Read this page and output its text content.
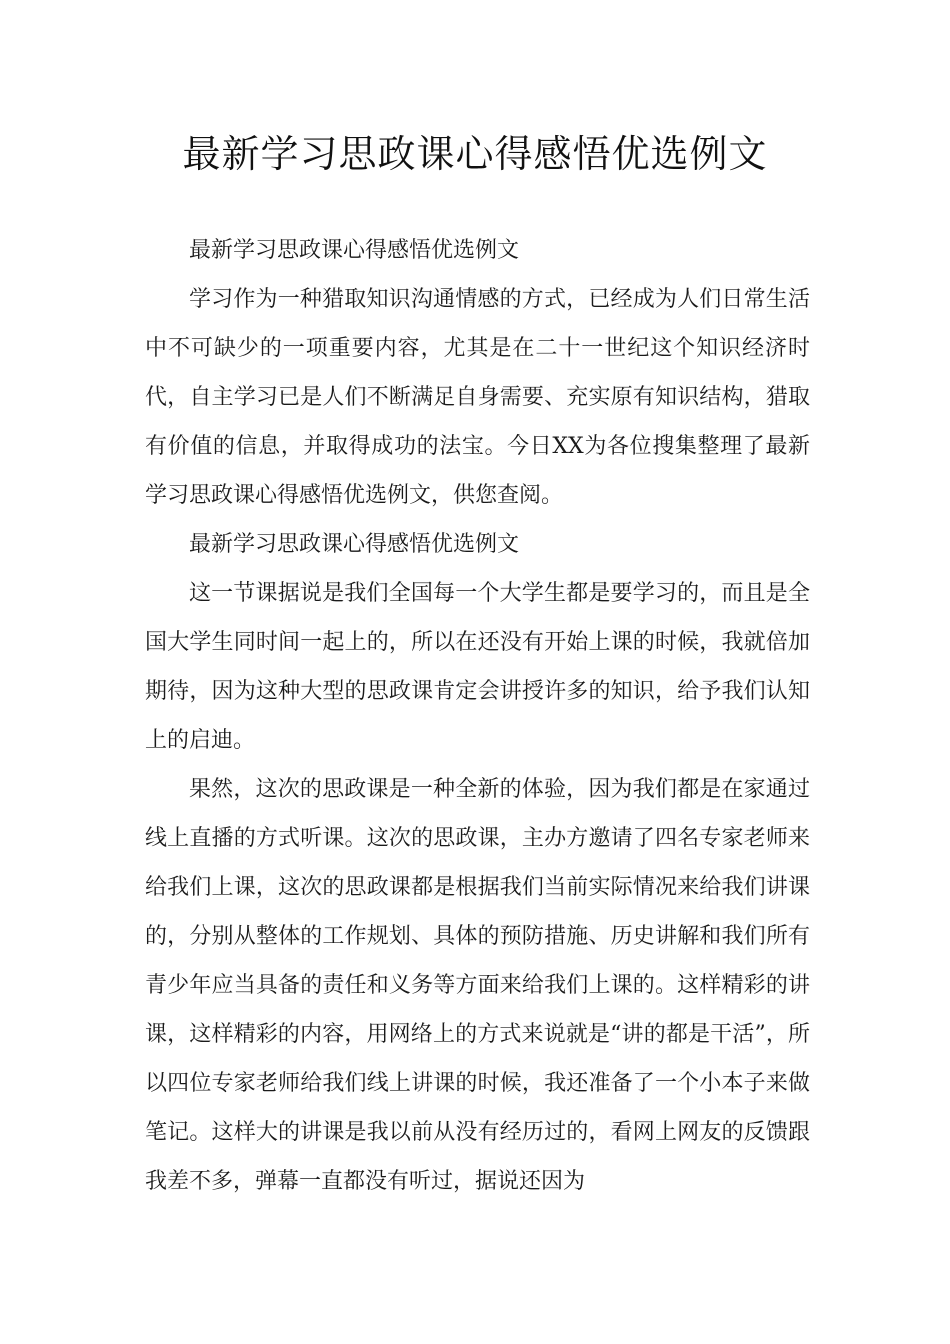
最新学习思政课心得感悟优选例文

最新学习思政课心得感悟优选例文

学习作为一种猎取知识沟通情感的方式，已经成为人们日常生活中不可缺少的一项重要内容，尤其是在二十一世纪这个知识经济时代，自主学习已是人们不断满足自身需要、充实原有知识结构，猎取有价值的信息，并取得成功的法宝。今日XX为各位搜集整理了最新学习思政课心得感悟优选例文，供您查阅。

最新学习思政课心得感悟优选例文

这一节课据说是我们全国每一个大学生都是要学习的，而且是全国大学生同时间一起上的，所以在还没有开始上课的时候，我就倍加期待，因为这种大型的思政课肯定会讲授许多的知识，给予我们认知上的启迪。

果然，这次的思政课是一种全新的体验，因为我们都是在家通过线上直播的方式听课。这次的思政课，主办方邀请了四名专家老师来给我们上课，这次的思政课都是根据我们当前实际情况来给我们讲课的，分别从整体的工作规划、具体的预防措施、历史讲解和我们所有青少年应当具备的责任和义务等方面来给我们上课的。这样精彩的讲课，这样精彩的内容，用网络上的方式来说就是“讲的都是干活”，所以四位专家老师给我们线上讲课的时候，我还准备了一个小本子来做笔记。这样大的讲课是我以前从没有经历过的，看网上网友的反馈跟我差不多，弹幕一直都没有听过，据说还因为
